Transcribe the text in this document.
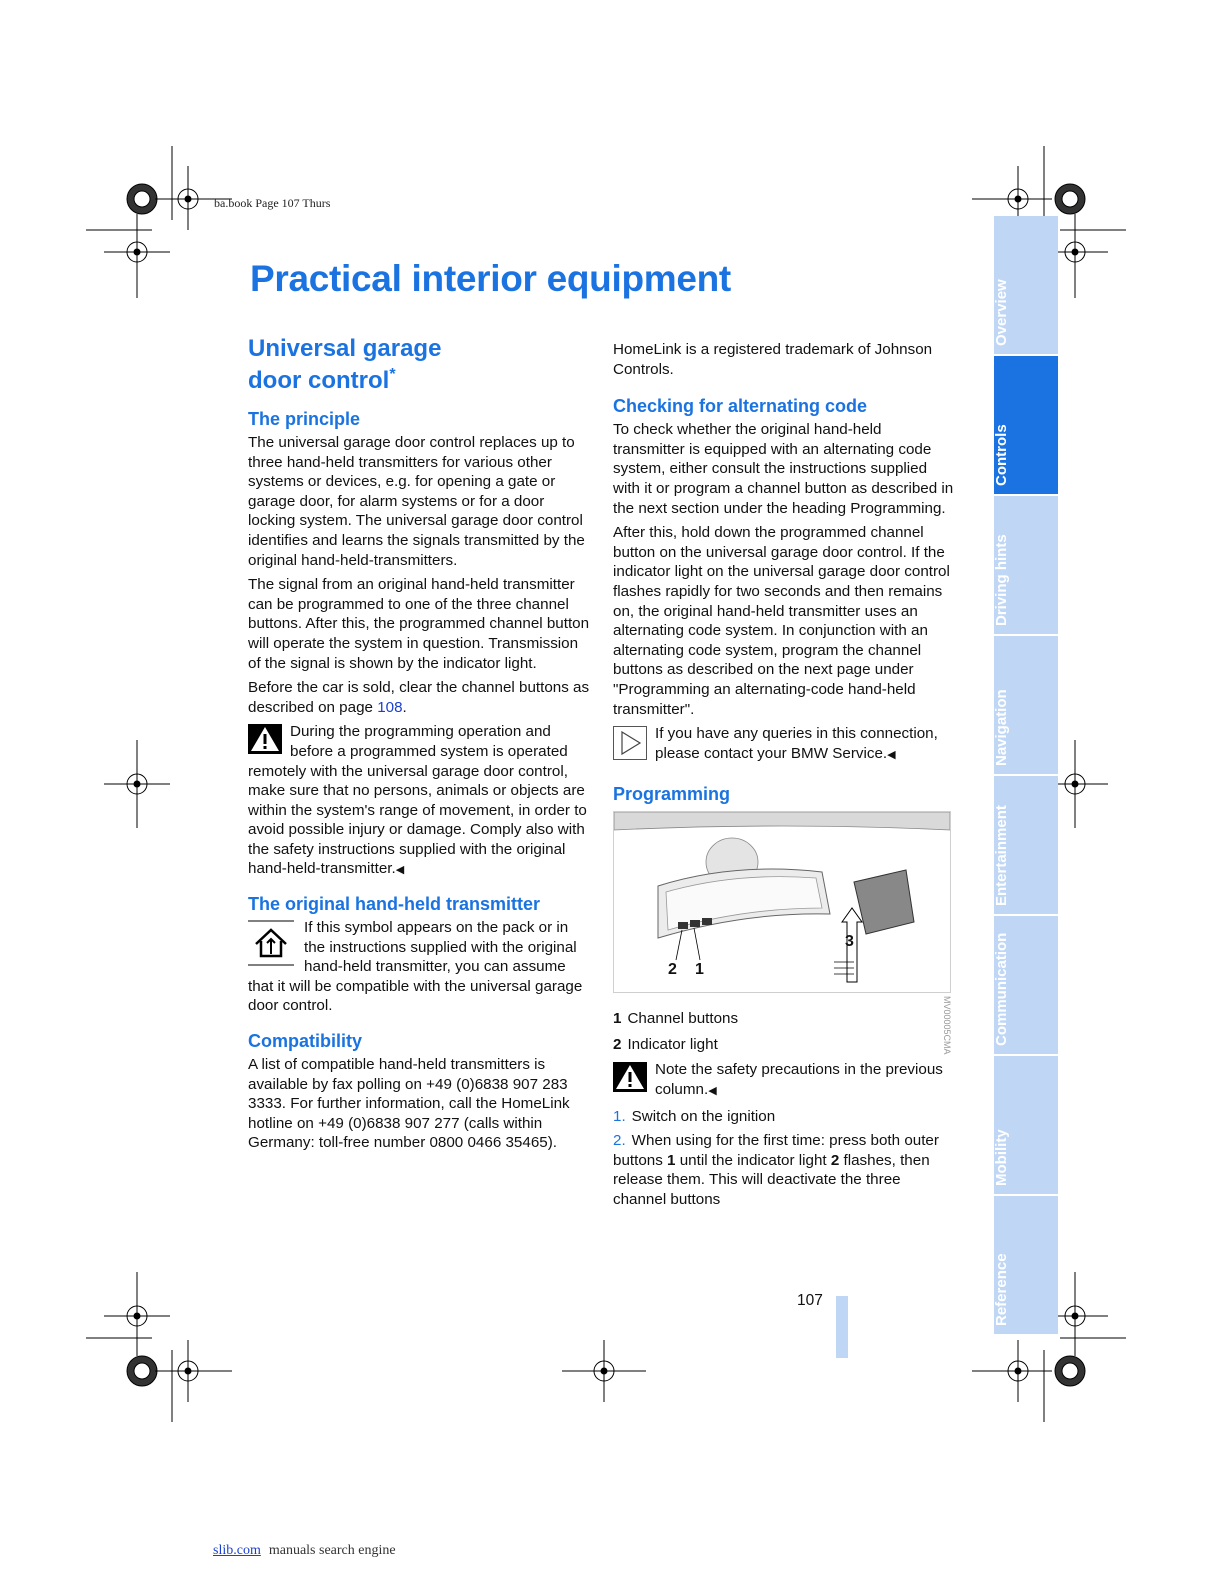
ba.book Page 107 Thurs
Practical interior equipment
Universal garage
door control*
The principle

The universal garage door control replaces up to three hand-held transmitters for various other systems or devices, e.g. for opening a gate or garage door, for alarm systems or for a door locking system. The universal garage door control identifies and learns the signals transmitted by the original hand-held-transmitters.

The signal from an original hand-held transmitter can be programmed to one of the three channel buttons. After this, the programmed channel button will operate the system in question. Transmission of the signal is shown by the indicator light.

Before the car is sold, clear the channel buttons as described on page 108.

During the programming operation and before a programmed system is operated remotely with the universal garage door control, make sure that no persons, animals or objects are within the system's range of movement, in order to avoid possible injury or damage. Comply also with the safety instructions supplied with the original hand-held-transmitter.◀
The original hand-held transmitter
If this symbol appears on the pack or in the instructions supplied with the original hand-held transmitter, you can assume that it will be compatible with the universal garage door control.
Compatibility

A list of compatible hand-held transmitters is available by fax polling on +49 (0)6838 907 283 3333. For further information, call the HomeLink hotline on +49 (0)6838 907 277 (calls within Germany: toll-free number 0800 0466 35465).

HomeLink is a registered trademark of Johnson Controls.

Checking for alternating code

To check whether the original hand-held transmitter is equipped with an alternating code system, either consult the instructions supplied with it or program a channel button as described in the next section under the heading Programming.

After this, hold down the programmed channel button on the universal garage door control. If the indicator light on the universal garage door control flashes rapidly for two seconds and then remains on, the original hand-held transmitter uses an alternating code system. In conjunction with an alternating code system, program the channel buttons as described on the next page under "Programming an alternating-code hand-held transmitter".

If you have any queries in this connection, please contact your BMW Service.◀
Programming
2 1
3
1 Channel buttons
2 Indicator light
Note the safety precautions in the previous column.◀

1. Switch on the ignition

2. When using for the first time: press both outer buttons 1 until the indicator light 2 flashes, then release them. This will deactivate the three channel buttons

MV00005CMA
Overview
Controls
Driving hints
Navigation
Entertainment
Communication
Mobility
Reference
107
slib.com manuals search engine
